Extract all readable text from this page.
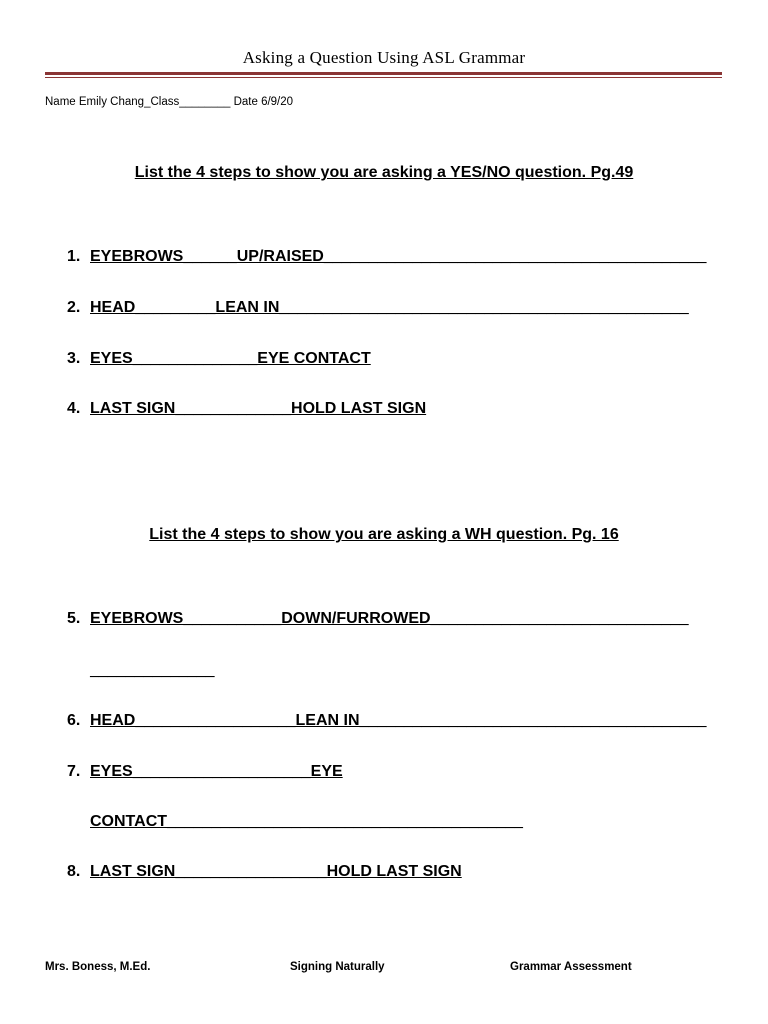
Asking a Question Using ASL Grammar
Name Emily Chang_Class________ Date 6/9/20
List the 4 steps to show you are asking a YES/NO question. Pg.49
1. EYEBROWS______UP/RAISED___________________________________________
2. HEAD_________LEAN IN______________________________________________
3. EYES______________EYE CONTACT
4. LAST SIGN_____________HOLD LAST SIGN
List the 4 steps to show you are asking a WH question. Pg. 16
5. EYEBROWS___________DOWN/FURROWED_____________________________
______________
6. HEAD__________________LEAN IN_______________________________________
7. EYES____________________EYE
CONTACT________________________________________
8. LAST SIGN_________________HOLD LAST SIGN
Mrs. Boness, M.Ed.	Signing Naturally	Grammar Assessment
